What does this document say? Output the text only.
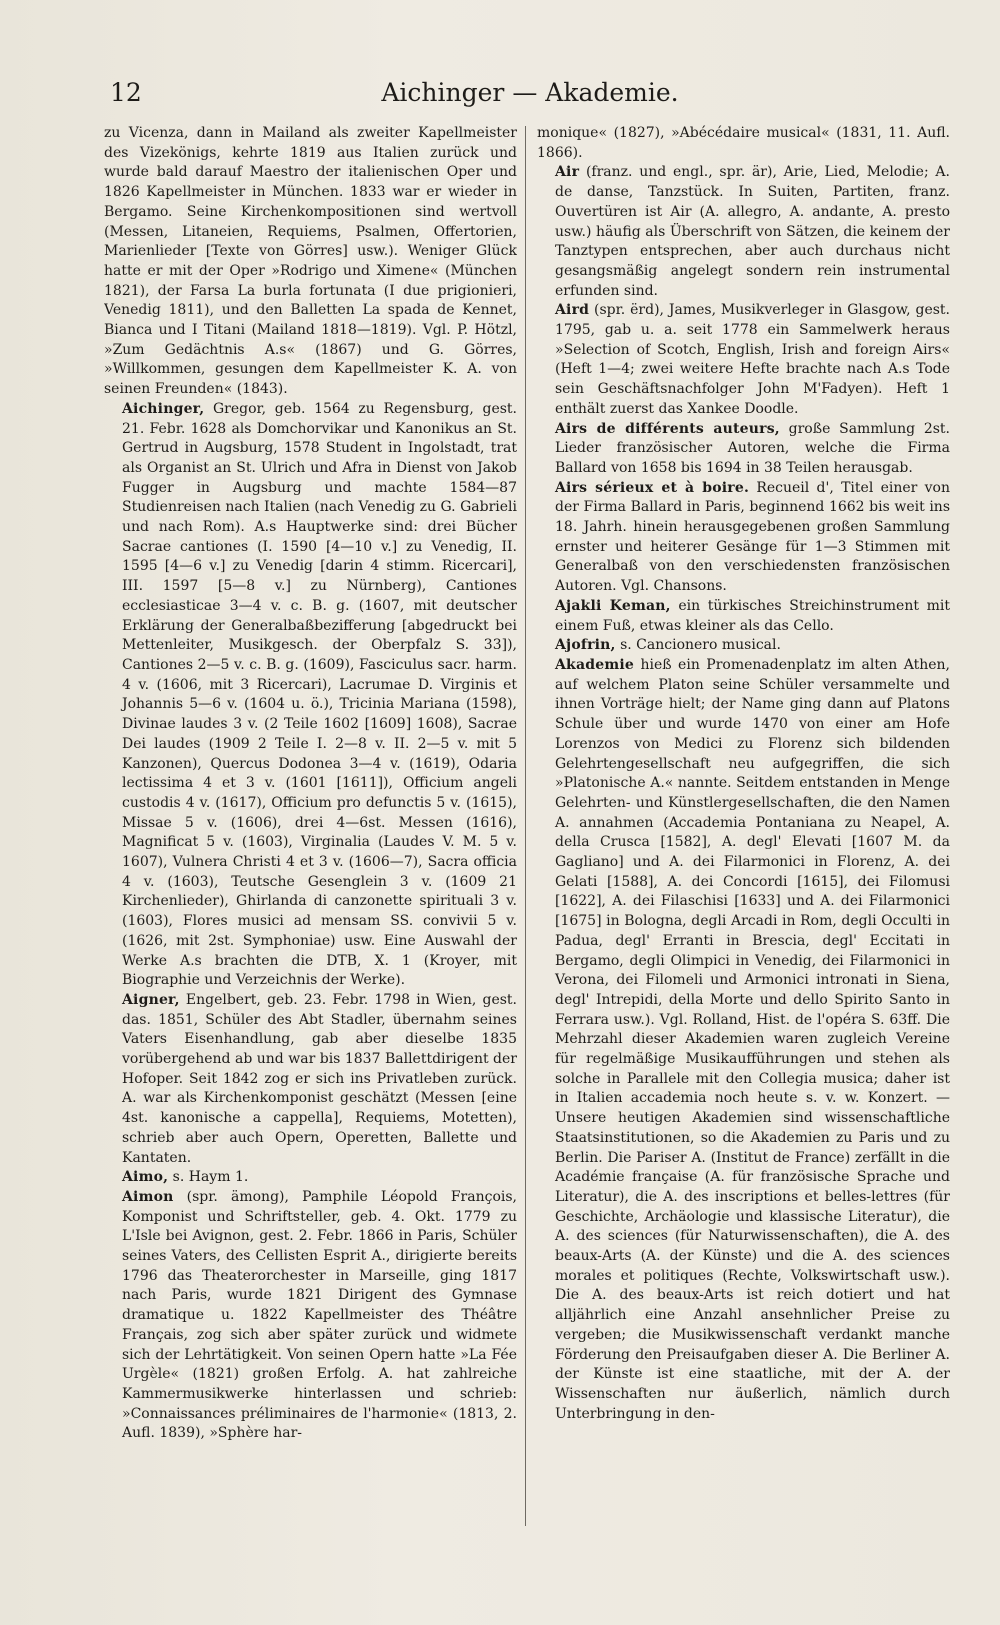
12	Aichinger — Akademie.

zu Vicenza, dann in Mailand als zweiter Kapellmeister des Vizekönigs, kehrte 1819 aus Italien zurück und wurde bald darauf Maestro der italienischen Oper und 1826 Kapellmeister in München. 1833 war er wieder in Bergamo. Seine Kirchenkompositionen sind wertvoll (Messen, Litaneien, Requiems, Psalmen, Offertorien, Marienlieder [Texte von Görres] usw.). Weniger Glück hatte er mit der Oper »Rodrigo und Ximene« (München 1821), der Farsa La burla fortunata (I due prigionieri, Venedig 1811), und den Balletten La spada de Kennet, Bianca und I Titani (Mailand 1818—1819). Vgl. P. Hötzl, »Zum Gedächtnis A.s« (1867) und G. Görres, »Willkommen, gesungen dem Kapellmeister K. A. von seinen Freunden« (1843).

Aichinger, Gregor, geb. 1564 zu Regensburg, gest. 21. Febr. 1628 als Domchorvikar und Kanonikus an St. Gertrud in Augsburg, 1578 Student in Ingolstadt, trat als Organist an St. Ulrich und Afra in Dienst von Jakob Fugger in Augsburg und machte 1584—87 Studienreisen nach Italien (nach Venedig zu G. Gabrieli und nach Rom). A.s Hauptwerke sind: drei Bücher Sacrae cantiones (I. 1590 [4—10 v.] zu Venedig, II. 1595 [4—6 v.] zu Venedig [darin 4 stimm. Ricercari], III. 1597 [5—8 v.] zu Nürnberg), Cantiones ecclesiasticae 3—4 v. c. B. g. (1607, mit deutscher Erklärung der Generalbaßbezifferung [abgedruckt bei Mettenleiter, Musikgesch. der Oberpfalz S. 33]), Cantiones 2—5 v. c. B. g. (1609), Fasciculus sacr. harm. 4 v. (1606, mit 3 Ricercari), Lacrumae D. Virginis et Johannis 5—6 v. (1604 u. ö.), Tricinia Mariana (1598), Divinae laudes 3 v. (2 Teile 1602 [1609] 1608), Sacrae Dei laudes (1909 2 Teile I. 2—8 v. II. 2—5 v. mit 5 Kanzonen), Quercus Dodonea 3—4 v. (1619), Odaria lectissima 4 et 3 v. (1601 [1611]), Officium angeli custodis 4 v. (1617), Officium pro defunctis 5 v. (1615), Missae 5 v. (1606), drei 4—6st. Messen (1616), Magnificat 5 v. (1603), Virginalia (Laudes V. M. 5 v. 1607), Vulnera Christi 4 et 3 v. (1606—7), Sacra officia 4 v. (1603), Teutsche Gesenglein 3 v. (1609 21 Kirchenlieder), Ghirlanda di canzonette spirituali 3 v. (1603), Flores musici ad mensam SS. convivii 5 v. (1626, mit 2st. Symphoniae) usw. Eine Auswahl der Werke A.s brachten die DTB, X. 1 (Kroyer, mit Biographie und Verzeichnis der Werke).

Aigner, Engelbert, geb. 23. Febr. 1798 in Wien, gest. das. 1851, Schüler des Abt Stadler, übernahm seines Vaters Eisenhandlung, gab aber dieselbe 1835 vorübergehend ab und war bis 1837 Ballettdirigent der Hofoper. Seit 1842 zog er sich ins Privatleben zurück. A. war als Kirchenkomponist geschätzt (Messen [eine 4st. kanonische a cappella], Requiems, Motetten), schrieb aber auch Opern, Operetten, Ballette und Kantaten.

Aimo, s. Haym 1.

Aimon (spr. ämong), Pamphile Léopold François, Komponist und Schriftsteller, geb. 4. Okt. 1779 zu L'Isle bei Avignon, gest. 2. Febr. 1866 in Paris, Schüler seines Vaters, des Cellisten Esprit A., dirigierte bereits 1796 das Theaterorchester in Marseille, ging 1817 nach Paris, wurde 1821 Dirigent des Gymnase dramatique u. 1822 Kapellmeister des Théâtre Français, zog sich aber später zurück und widmete sich der Lehrtätigkeit. Von seinen Opern hatte »La Fée Urgèle« (1821) großen Erfolg. A. hat zahlreiche Kammermusikwerke hinterlassen und schrieb: »Connaissances préliminaires de l'harmonie« (1813, 2. Aufl. 1839), »Sphère har-

monique« (1827), »Abécédaire musical« (1831, 11. Aufl. 1866).

Air (franz. und engl., spr. är), Arie, Lied, Melodie; A. de danse, Tanzstück. In Suiten, Partiten, franz. Ouvertüren ist Air (A. allegro, A. andante, A. presto usw.) häufig als Überschrift von Sätzen, die keinem der Tanztypen entsprechen, aber auch durchaus nicht gesangsmäßig angelegt sondern rein instrumental erfunden sind.

Aird (spr. ërd), James, Musikverleger in Glasgow, gest. 1795, gab u. a. seit 1778 ein Sammelwerk heraus »Selection of Scotch, English, Irish and foreign Airs« (Heft 1—4; zwei weitere Hefte brachte nach A.s Tode sein Geschäftsnachfolger John M'Fadyen). Heft 1 enthält zuerst das Xankee Doodle.

Airs de différents auteurs, große Sammlung 2st. Lieder französischer Autoren, welche die Firma Ballard von 1658 bis 1694 in 38 Teilen herausgab.

Airs sérieux et à boire. Recueil d', Titel einer von der Firma Ballard in Paris, beginnend 1662 bis weit ins 18. Jahrh. hinein herausgegebenen großen Sammlung ernster und heiterer Gesänge für 1—3 Stimmen mit Generalbaß von den verschiedensten französischen Autoren. Vgl. Chansons.

Ajakli Keman, ein türkisches Streichinstrument mit einem Fuß, etwas kleiner als das Cello.

Ajofrin, s. Cancionero musical.

Akademie hieß ein Promenadenplatz im alten Athen, auf welchem Platon seine Schüler versammelte und ihnen Vorträge hielt; der Name ging dann auf Platons Schule über und wurde 1470 von einer am Hofe Lorenzos von Medici zu Florenz sich bildenden Gelehrtengesellschaft neu aufgegriffen, die sich »Platonische A.« nannte. Seitdem entstanden in Menge Gelehrten- und Künstlergesellschaften, die den Namen A. annahmen (Accademia Pontaniana zu Neapel, A. della Crusca [1582], A. degl' Elevati [1607 M. da Gagliano] und A. dei Filarmonici in Florenz, A. dei Gelati [1588], A. dei Concordi [1615], dei Filomusi [1622], A. dei Filaschisi [1633] und A. dei Filarmonici [1675] in Bologna, degli Arcadi in Rom, degli Occulti in Padua, degl' Erranti in Brescia, degl' Eccitati in Bergamo, degli Olimpici in Venedig, dei Filarmonici in Verona, dei Filomeli und Armonici intronati in Siena, degl' Intrepidi, della Morte und dello Spirito Santo in Ferrara usw.). Vgl. Rolland, Hist. de l'opéra S. 63ff. Die Mehrzahl dieser Akademien waren zugleich Vereine für regelmäßige Musikaufführungen und stehen als solche in Parallele mit den Collegia musica; daher ist in Italien accademia noch heute s. v. w. Konzert. — Unsere heutigen Akademien sind wissenschaftliche Staatsinstitutionen, so die Akademien zu Paris und zu Berlin. Die Pariser A. (Institut de France) zerfällt in die Académie française (A. für französische Sprache und Literatur), die A. des inscriptions et belles-lettres (für Geschichte, Archäologie und klassische Literatur), die A. des sciences (für Naturwissenschaften), die A. des beaux-Arts (A. der Künste) und die A. des sciences morales et politiques (Rechte, Volkswirtschaft usw.). Die A. des beaux-Arts ist reich dotiert und hat alljährlich eine Anzahl ansehnlicher Preise zu vergeben; die Musikwissenschaft verdankt manche Förderung den Preisaufgaben dieser A. Die Berliner A. der Künste ist eine staatliche, mit der A. der Wissenschaften nur äußerlich, nämlich durch Unterbringung in den-
